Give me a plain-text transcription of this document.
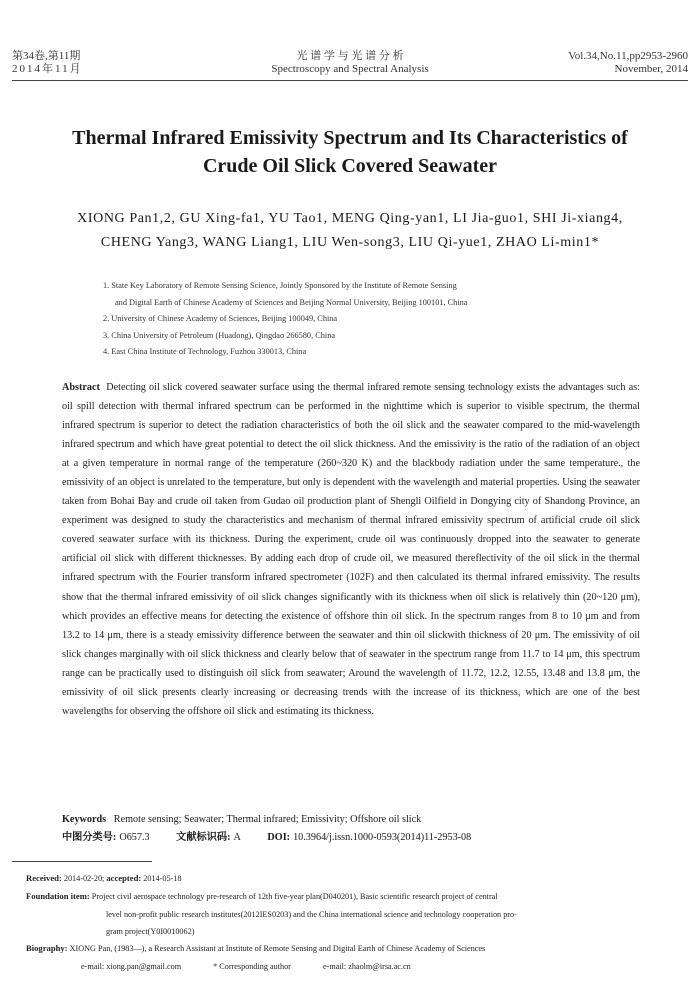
第34卷,第11期
2014年11月
光 谱 学 与 光 谱 分 析
Spectroscopy and Spectral Analysis
Vol.34,No.11,pp2953-2960
November, 2014
Thermal Infrared Emissivity Spectrum and Its Characteristics of
Crude Oil Slick Covered Seawater
XIONG Pan1,2, GU Xing-fa1, YU Tao1, MENG Qing-yan1, LI Jia-guo1, SHI Ji-xiang4,
CHENG Yang3, WANG Liang1, LIU Wen-song3, LIU Qi-yue1, ZHAO Li-min1*
1. State Key Laboratory of Remote Sensing Science, Jointly Sponsored by the Institute of Remote Sensing
and Digital Earth of Chinese Academy of Sciences and Beijing Normal University, Beijing 100101, China
2. University of Chinese Academy of Sciences, Beijing 100049, China
3. China University of Petroleum (Huadong), Qingdao 266580, China
4. East China Institute of Technology, Fuzhou 330013, China
Abstract Detecting oil slick covered seawater surface using the thermal infrared remote sensing technology exists the advantages such as: oil spill detection with thermal infrared spectrum can be performed in the nighttime which is superior to visible spectrum, the thermal infrared spectrum is superior to detect the radiation characteristics of both the oil slick and the seawater compared to the mid-wavelength infrared spectrum and which have great potential to detect the oil slick thickness. And the emissivity is the ratio of the radiation of an object at a given temperature in normal range of the temperature (260~320 K) and the blackbody radiation under the same temperature., the emissivity of an object is unrelated to the temperature, but only is dependent with the wavelength and material properties. Using the seawater taken from Bohai Bay and crude oil taken from Gudao oil production plant of Shengli Oilfield in Dongying city of Shandong Province, an experiment was designed to study the characteristics and mechanism of thermal infrared emissivity spectrum of artificial crude oil slick covered seawater surface with its thickness. During the experiment, crude oil was continuously dropped into the seawater to generate artificial oil slick with different thicknesses. By adding each drop of crude oil, we measured thereflectivity of the oil slick in the thermal infrared spectrum with the Fourier transform infrared spectrometer (102F) and then calculated its thermal infrared emissivity. The results show that the thermal infrared emissivity of oil slick changes significantly with its thickness when oil slick is relatively thin (20~120 μm), which provides an effective means for detecting the existence of offshore thin oil slick. In the spectrum ranges from 8 to 10 μm and from 13.2 to 14 μm, there is a steady emissivity difference between the seawater and thin oil slickwith thickness of 20 μm. The emissivity of oil slick changes marginally with oil slick thickness and clearly below that of seawater in the spectrum range from 11.7 to 14 μm, this spectrum range can be practically used to distinguish oil slick from seawater; Around the wavelength of 11.72, 12.2, 12.55, 13.48 and 13.8 μm, the emissivity of oil slick presents clearly increasing or decreasing trends with the increase of its thickness, which are one of the best wavelengths for observing the offshore oil slick and estimating its thickness.
Keywords Remote sensing; Seawater; Thermal infrared; Emissivity; Offshore oil slick
中图分类号: O657.3	文献标识码: A	DOI: 10.3964/j.issn.1000-0593(2014)11-2953-08
Received: 2014-02-20; accepted: 2014-05-18
Foundation item: Project civil aerospace technology pre-research of 12th five-year plan(D040201), Basic scientific research project of central
level non-profit public research institutes(2012IES0203) and the China international science and technology cooperation pro-
gram project(Y0I0010062)
Biography: XIONG Pan, (1983—), a Research Assistant at Institute of Remote Sensing and Digital Earth of Chinese Academy of Sciences
e-mail: xiong.pan@gmail.com	* Corresponding author	e-mail: zhaolm@irsa.ac.cn
